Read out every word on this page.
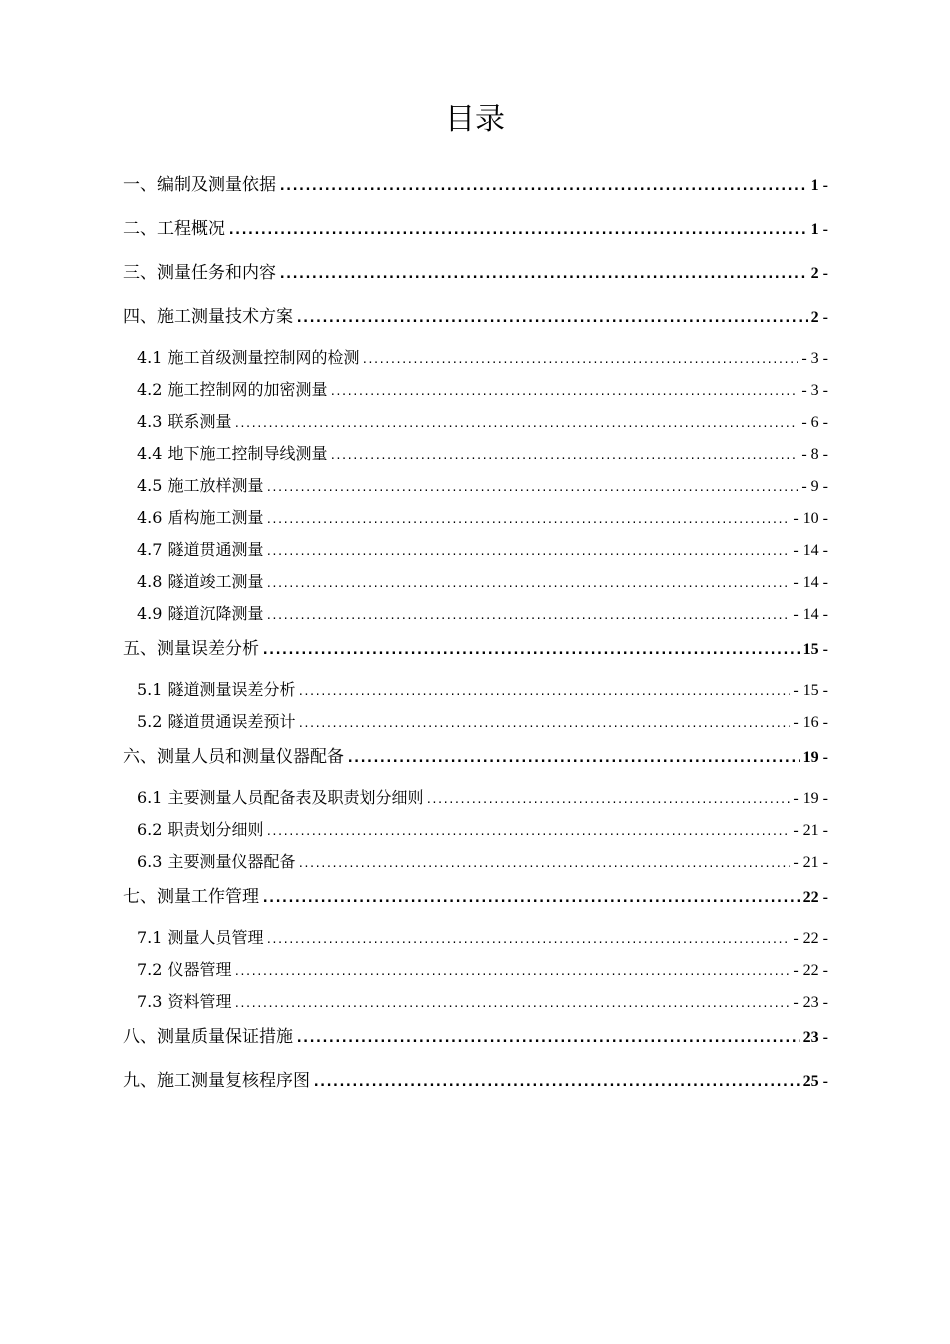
目录
一、编制及测量依据 .....	1 -
二、工程概况 .....	1 -
三、测量任务和内容 .....	2 -
四、施工测量技术方案 .....	2 -
4.1 施工首级测量控制网的检测 .....	- 3 -
4.2 施工控制网的加密测量 .....	- 3 -
4.3 联系测量 .....	- 6 -
4.4 地下施工控制导线测量 .....	- 8 -
4.5 施工放样测量 .....	- 9 -
4.6 盾构施工测量 .....	- 10 -
4.7 隧道贯通测量 .....	- 14 -
4.8 隧道竣工测量 .....	- 14 -
4.9 隧道沉降测量 .....	- 14 -
五、测量误差分析 .....	15 -
5.1 隧道测量误差分析 .....	- 15 -
5.2 隧道贯通误差预计 .....	- 16 -
六、测量人员和测量仪器配备 .....	19 -
6.1 主要测量人员配备表及职责划分细则 .....	- 19 -
6.2 职责划分细则 .....	- 21 -
6.3 主要测量仪器配备 .....	- 21 -
七、测量工作管理 .....	22 -
7.1 测量人员管理 .....	- 22 -
7.2 仪器管理 .....	- 22 -
7.3 资料管理 .....	- 23 -
八、测量质量保证措施 .....	23 -
九、施工测量复核程序图 .....	25 -
